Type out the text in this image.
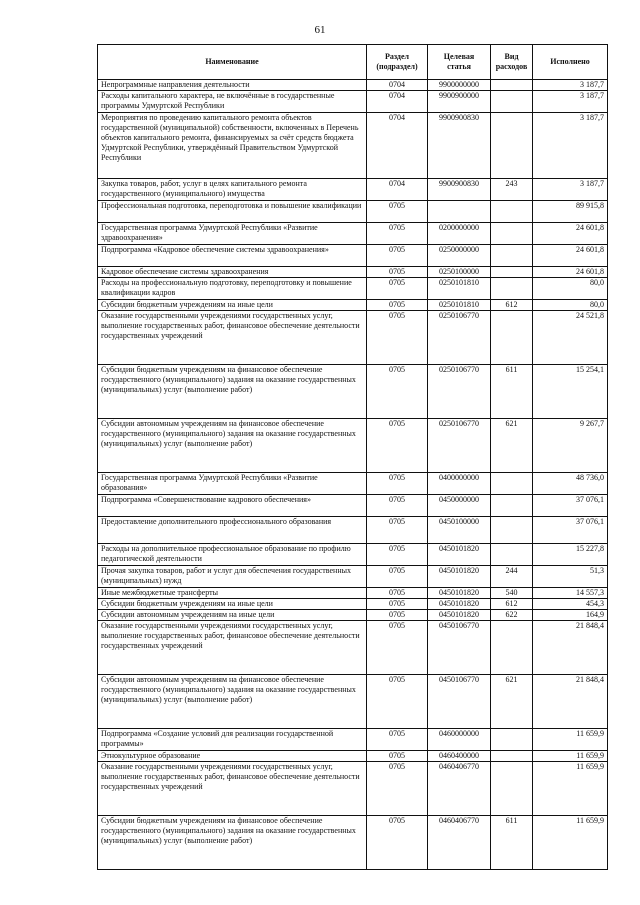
61
Наименование	Раздел (подраздел)	Целевая статья	Вид расходов	Исполнено
Непрограммные направления деятельности	0704	9900000000		3 187,7
Расходы капитального характера, не включённые в государственные программы Удмуртской Республики	0704	9900900000		3 187,7
Мероприятия по проведению капитального ремонта объектов государственной (муниципальной) собственности, включенных в Перечень объектов капитального ремонта, финансируемых за счёт средств бюджета Удмуртской Республики, утверждённый Правительством Удмуртской Республики	0704	9900900830		3 187,7
Закупка товаров, работ, услуг в целях капитального ремонта государственного (муниципального) имущества	0704	9900900830	243	3 187,7
Профессиональная подготовка, переподготовка и повышение квалификации	0705			89 915,8
Государственная программа Удмуртской Республики «Развитие здравоохранения»	0705	0200000000		24 601,8
Подпрограмма «Кадровое обеспечение системы здравоохранения»	0705	0250000000		24 601,8
Кадровое обеспечение системы здравоохранения	0705	0250100000		24 601,8
Расходы на профессиональную подготовку, переподготовку и повышение квалификации кадров	0705	0250101810		80,0
Субсидии бюджетным учреждениям на иные цели	0705	0250101810	612	80,0
Оказание государственными учреждениями государственных услуг, выполнение государственных работ, финансовое обеспечение деятельности государственных учреждений	0705	0250106770		24 521,8
Субсидии бюджетным учреждениям на финансовое обеспечение государственного (муниципального) задания на оказание государственных (муниципальных) услуг (выполнение работ)	0705	0250106770	611	15 254,1
Субсидии автономным учреждениям на финансовое обеспечение государственного (муниципального) задания на оказание государственных (муниципальных) услуг (выполнение работ)	0705	0250106770	621	9 267,7
Государственная программа Удмуртской Республики «Развитие образования»	0705	0400000000		48 736,0
Подпрограмма «Совершенствование кадрового обеспечения»	0705	0450000000		37 076,1
Предоставление дополнительного профессионального образования	0705	0450100000		37 076,1
Расходы на дополнительное профессиональное образование по профилю педагогической деятельности	0705	0450101820		15 227,8
Прочая закупка товаров, работ и услуг для обеспечения государственных (муниципальных) нужд	0705	0450101820	244	51,3
Иные межбюджетные трансферты	0705	0450101820	540	14 557,3
Субсидии бюджетным учреждениям на иные цели	0705	0450101820	612	454,3
Субсидии автономным учреждениям на иные цели	0705	0450101820	622	164,9
Оказание государственными учреждениями государственных услуг, выполнение государственных работ, финансовое обеспечение деятельности государственных учреждений	0705	0450106770		21 848,4
Субсидии автономным учреждениям на финансовое обеспечение государственного (муниципального) задания на оказание государственных (муниципальных) услуг (выполнение работ)	0705	0450106770	621	21 848,4
Подпрограмма «Создание условий для реализации государственной программы»	0705	0460000000		11 659,9
Этнокультурное образование	0705	0460400000		11 659,9
Оказание государственными учреждениями государственных услуг, выполнение государственных работ, финансовое обеспечение деятельности государственных учреждений	0705	0460406770		11 659,9
Субсидии бюджетным учреждениям на финансовое обеспечение государственного (муниципального) задания на оказание государственных (муниципальных) услуг (выполнение работ)	0705	0460406770	611	11 659,9
